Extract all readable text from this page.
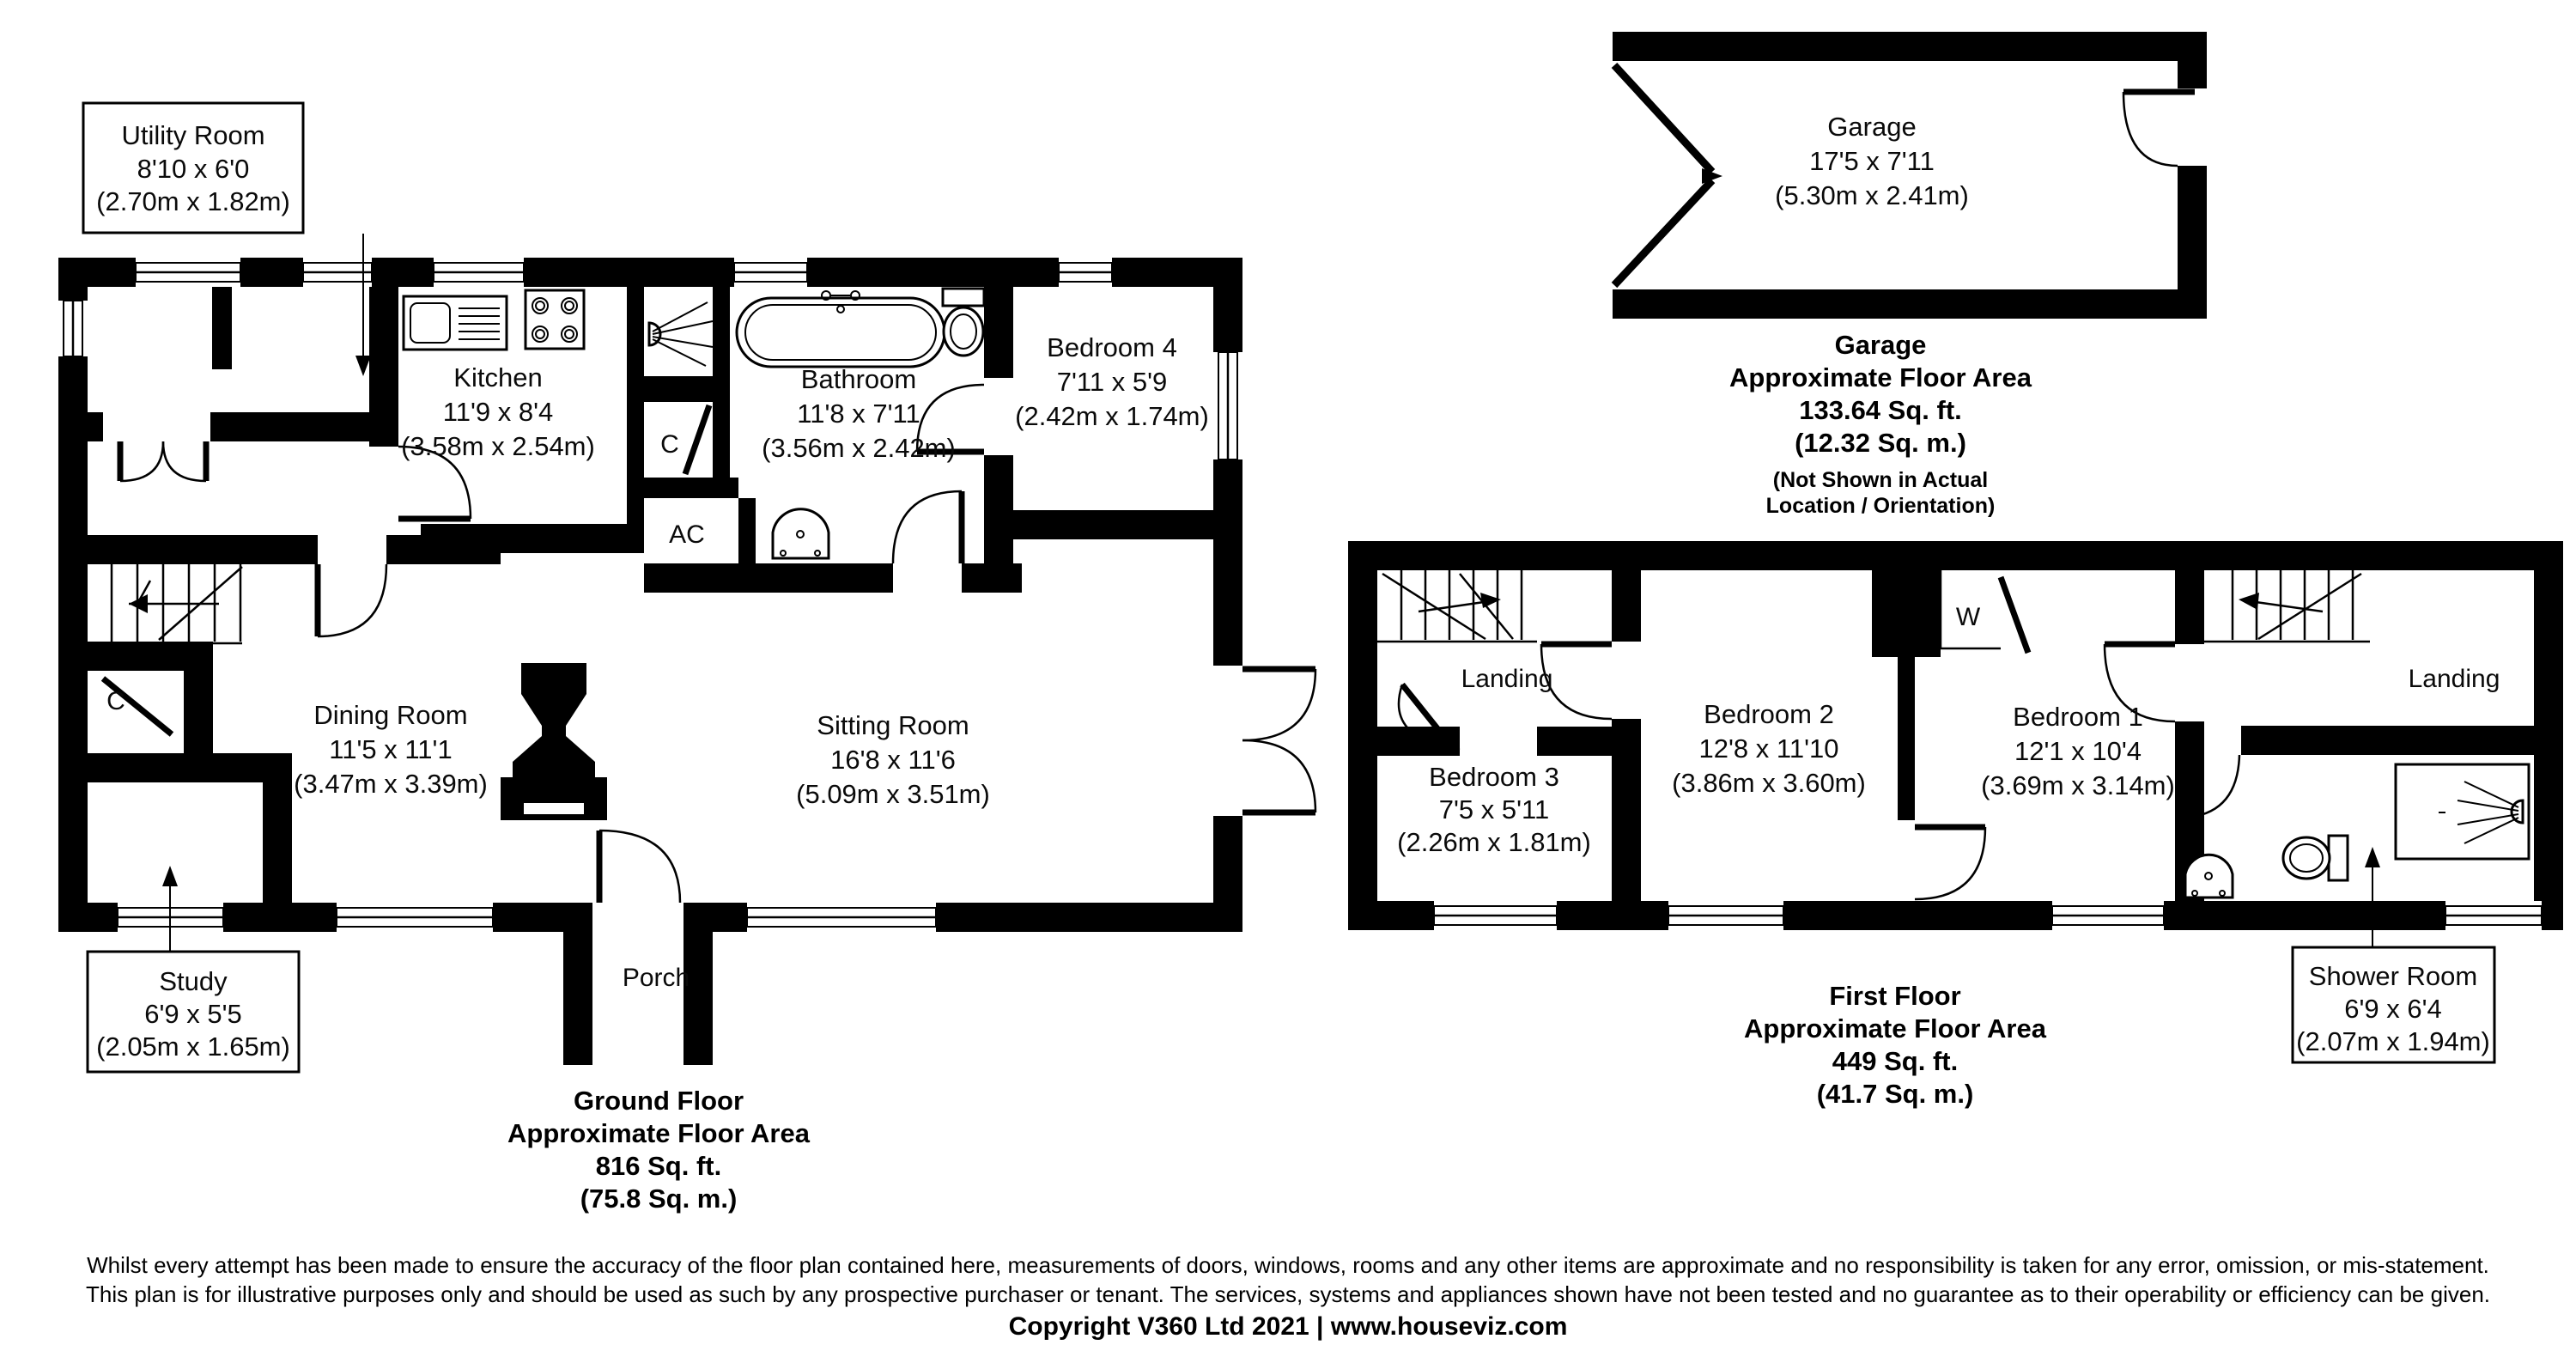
Kitchen
11'9 x 8'4
(3.58m x 2.54m)
Bathroom
11'8 x 7'11
(3.56m x 2.42m)
Bedroom 4
7'11 x 5'9
(2.42m x 1.74m)
Dining Room
11'5 x 11'1
(3.47m x 3.39m)
Sitting Room
16'8 x 11'6
(5.09m x 3.51m)
C
C
AC
Porch
Utility Room
8'10 x 6'0
(2.70m x 1.82m)
Study
6'9 x 5'5
(2.05m x 1.65m)
Ground Floor
Approximate Floor Area
816 Sq. ft.
(75.8 Sq. m.)
Garage
17'5 x 7'11
(5.30m x 2.41m)
Garage
Approximate Floor Area
133.64 Sq. ft.
(12.32 Sq. m.)
(Not Shown in Actual
Location / Orientation)
Bedroom 3
7'5 x 5'11
(2.26m x 1.81m)
Bedroom 2
12'8 x 11'10
(3.86m x 3.60m)
Bedroom 1
12'1 x 10'4
(3.69m x 3.14m)
Landing	Landing
W
Shower Room
6'9 x 6'4
(2.07m x 1.94m)
First Floor
Approximate Floor Area
449 Sq. ft.
(41.7 Sq. m.)
Whilst every attempt has been made to ensure the accuracy of the floor plan contained here, measurements of doors, windows, rooms and any other items are approximate and no responsibility is taken for any error, omission, or mis-statement.
This plan is for illustrative purposes only and should be used as such by any prospective purchaser or tenant. The services, systems and appliances shown have not been tested and no guarantee as to their operability or efficiency can be given.
Copyright V360 Ltd 2021 | www.houseviz.com
